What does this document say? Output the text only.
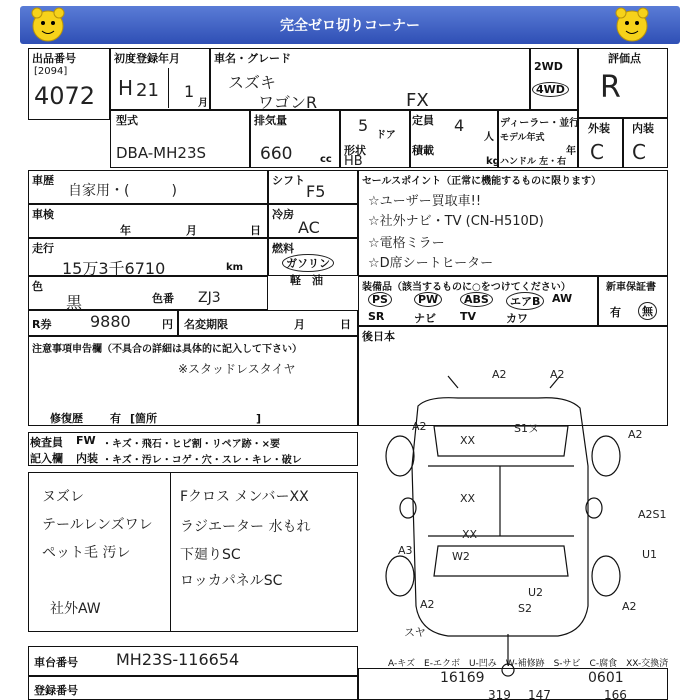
完全ゼロ切りコーナー
出品番号
[2094]
4072
初度登録年月
H 21 1
月
車名・グレード
スズキ
ワゴンR	FX
2WD
4WD
評価点
R
型式
DBA-MH23S
排気量
660	cc
5
ドア
定員 4
人
形状
HB
積載
kg
ディーラー・並行
モデル年式
年
ハンドル 左・右
外装
C
内装
C
車歴
自家用・(　　　)
シフト
F5
車検
年	月	日
冷房
AC
走行
15万3千6710	km
燃料
ガソリン
軽　油
色
黒	色番 ZJ3
R券 9880	円 名変期限	月	日
セールスポイント（正常に機能するものに限ります）
☆ユーザー買取車!!
☆社外ナビ・TV (CN-H510D)
☆電格ミラー
☆D席シートヒーター
装備品（該当するものに○をつけてください）
PS	PW	ABS	エアB	AW
SR	ナビ TV	カワ
新車保証書
有	無
後日本
注意事項申告欄（不具合の詳細は具体的に記入して下さい）
※スタッドレスタイヤ
修復歴 有 [箇所　　　　　　　　　]
検査員
記入欄
FW ・キズ・飛石・ヒビ割・リペア跡・×要
内装 ・キズ・汚レ・コゲ・穴・スレ・キレ・破レ
ヌズレ
テールレンズワレ
ペット毛 汚レ
社外AW
Fクロス メンバーXX
ラジエーター 水もれ
下廻りSC
ロッカパネルSC
A2	A2
A2
A2
S1ヌ
XX
XX
XX
A2S1
U1
A3	W2
U2
S2
A2	A2
スヤ
A-キズ　E-エクボ　U-凹み　W-補修跡　S-サビ　C-腐食　XX-交換済
車台番号 MH23S-116654
登録番号
16169	0601
319 147	166
